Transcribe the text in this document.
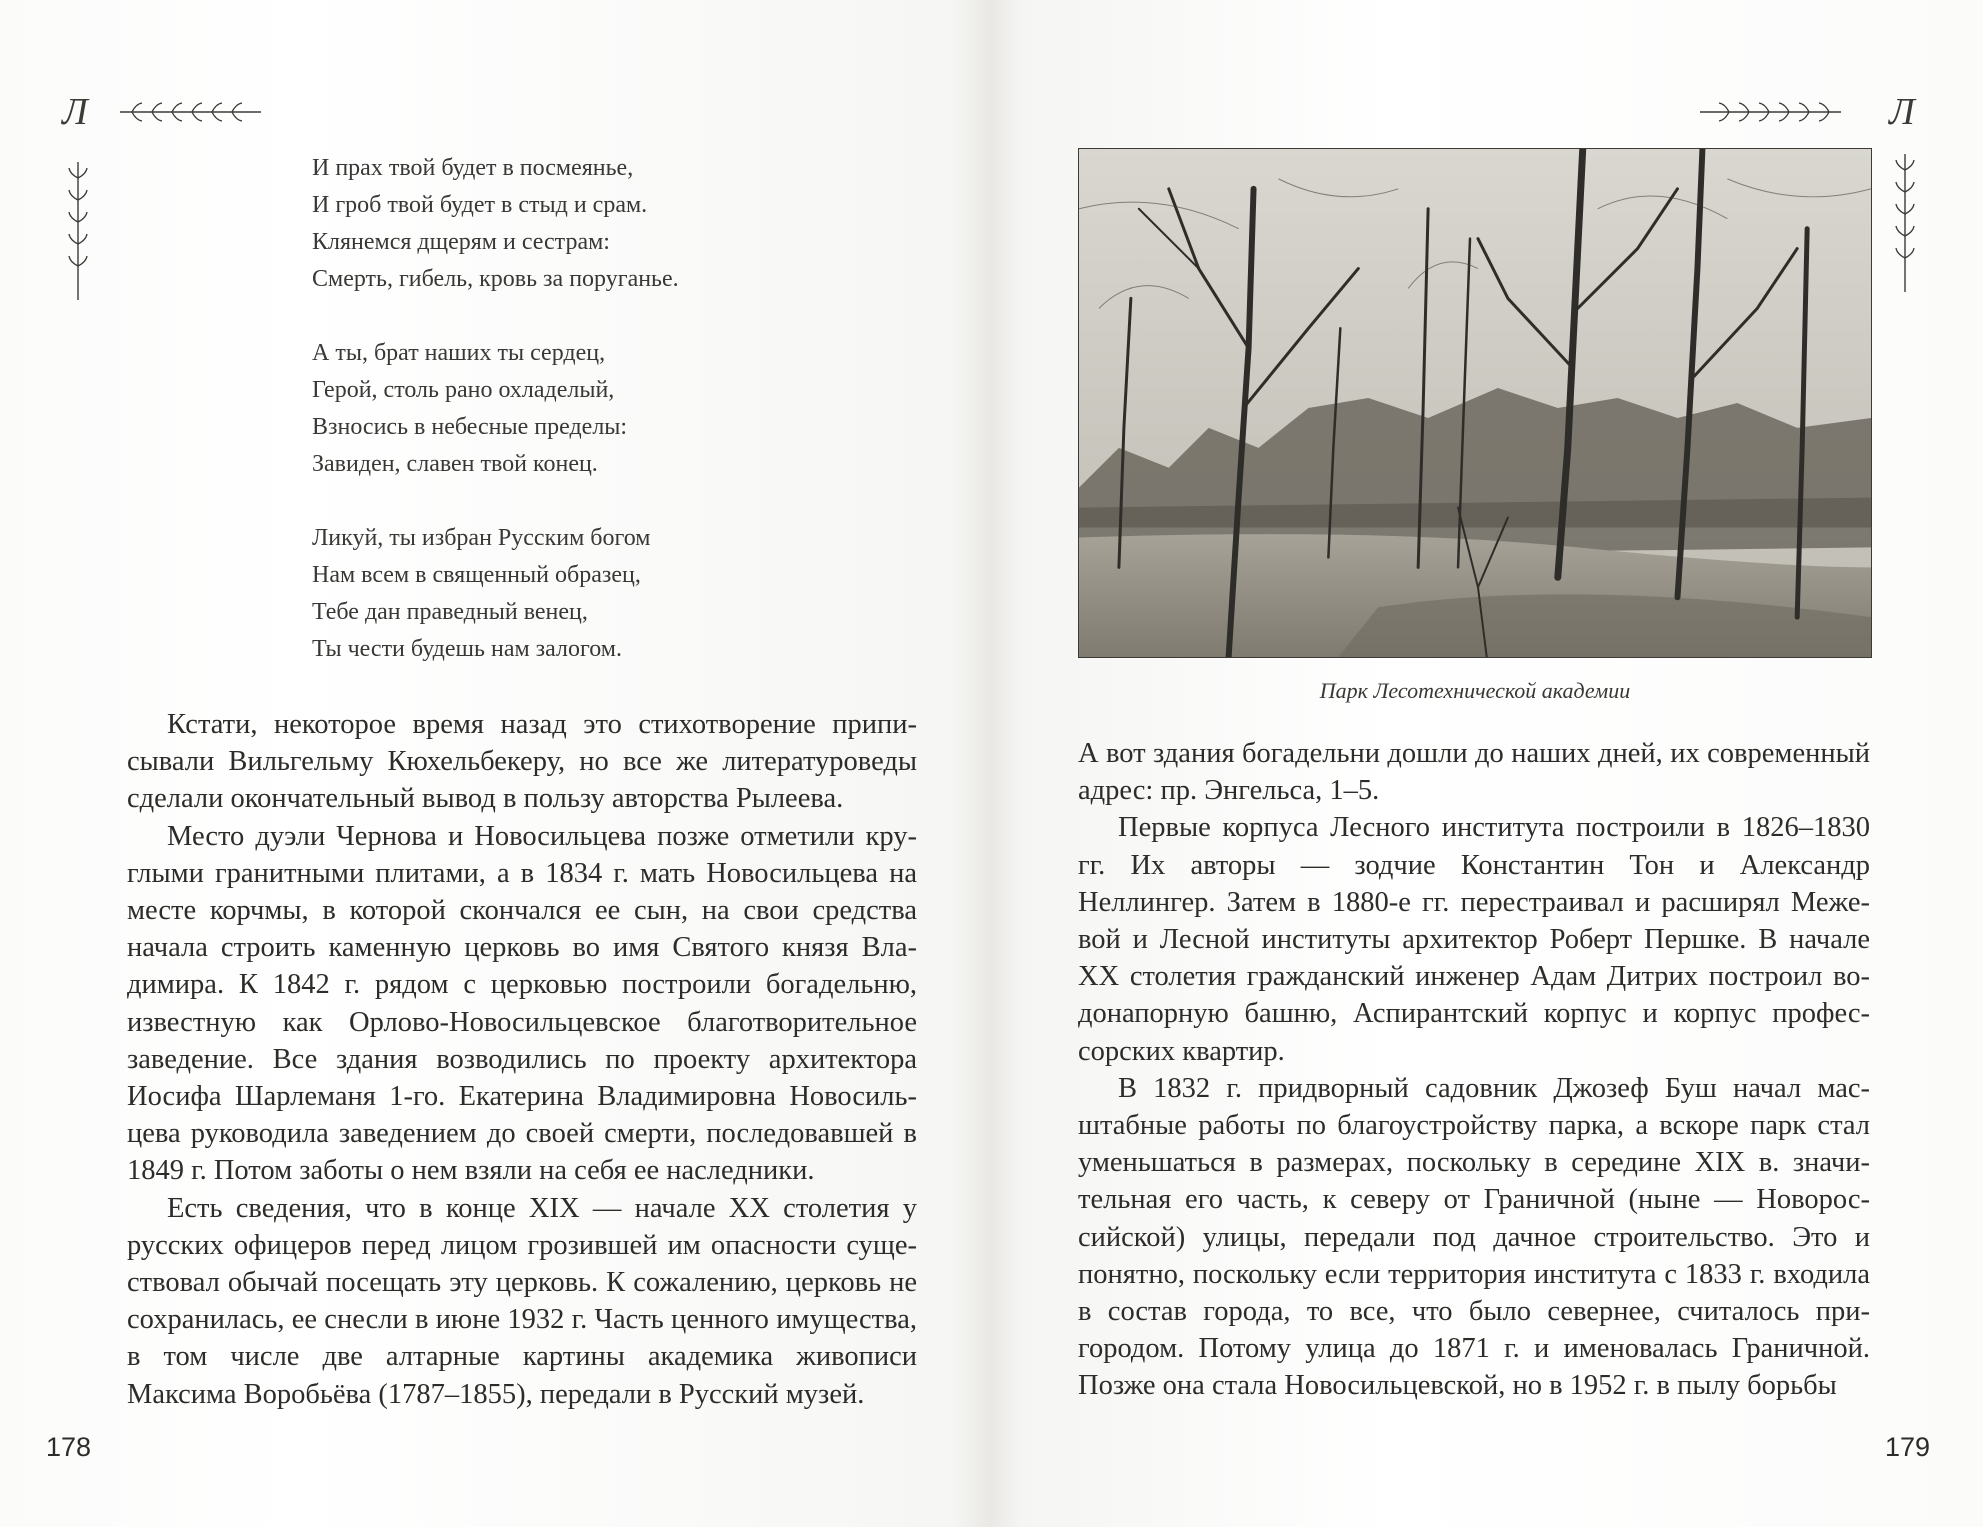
Л
И прах твой будет в посмеянье,
И гроб твой будет в стыд и срам.
Клянемся дщерям и сестрам:
Смерть, гибель, кровь за поруганье.
А ты, брат наших ты сердец,
Герой, столь рано охладелый,
Взносись в небесные пределы:
Завиден, славен твой конец.
Ликуй, ты избран Русским богом
Нам всем в священный образец,
Тебе дан праведный венец,
Ты чести будешь нам залогом.

Кстати, некоторое время назад это стихотворение приписывали Вильгельму Кюхельбекеру, но все же литературоведы сделали окончательный вывод в пользу авторства Рылеева.

Место дуэли Чернова и Новосильцева позже отметили круглыми гранитными плитами, а в 1834 г. мать Новосильцева на месте корчмы, в которой скончался ее сын, на свои средства начала строить каменную церковь во имя Святого князя Владимира. К 1842 г. рядом с церковью построили богадельню, известную как Орлово-Новосильцевское благотворительное заведение. Все здания возводились по проекту архитектора Иосифа Шарлеманя 1-го. Екатерина Владимировна Новосильцева руководила заведением до своей смерти, последовавшей в 1849 г. Потом заботы о нем взяли на себя ее наследники.

Есть сведения, что в конце XIX — начале XX столетия у русских офицеров перед лицом грозившей им опасности существовал обычай посещать эту церковь. К сожалению, церковь не сохранилась, ее снесли в июне 1932 г. Часть ценного имущества, в том числе две алтарные картины академика живописи Максима Воробьёва (1787–1855), передали в Русский музей.

178
Л
Парк Лесотехнической академии

А вот здания богадельни дошли до наших дней, их современный адрес: пр. Энгельса, 1–5.

Первые корпуса Лесного института построили в 1826–1830 гг. Их авторы — зодчие Константин Тон и Александр Неллингер. Затем в 1880-е гг. перестраивал и расширял Межевой и Лесной институты архитектор Роберт Першке. В начале XX столетия гражданский инженер Адам Дитрих построил водонапорную башню, Аспирантский корпус и корпус профессорских квартир.

В 1832 г. придворный садовник Джозеф Буш начал масштабные работы по благоустройству парка, а вскоре парк стал уменьшаться в размерах, поскольку в середине XIX в. значительная его часть, к северу от Граничной (ныне — Новороссийской) улицы, передали под дачное строительство. Это и понятно, поскольку если территория института с 1833 г. входила в состав города, то все, что было севернее, считалось пригородом. Потому улица до 1871 г. и именовалась Граничной. Позже она стала Новосильцевской, но в 1952 г. в пылу борьбы

179
